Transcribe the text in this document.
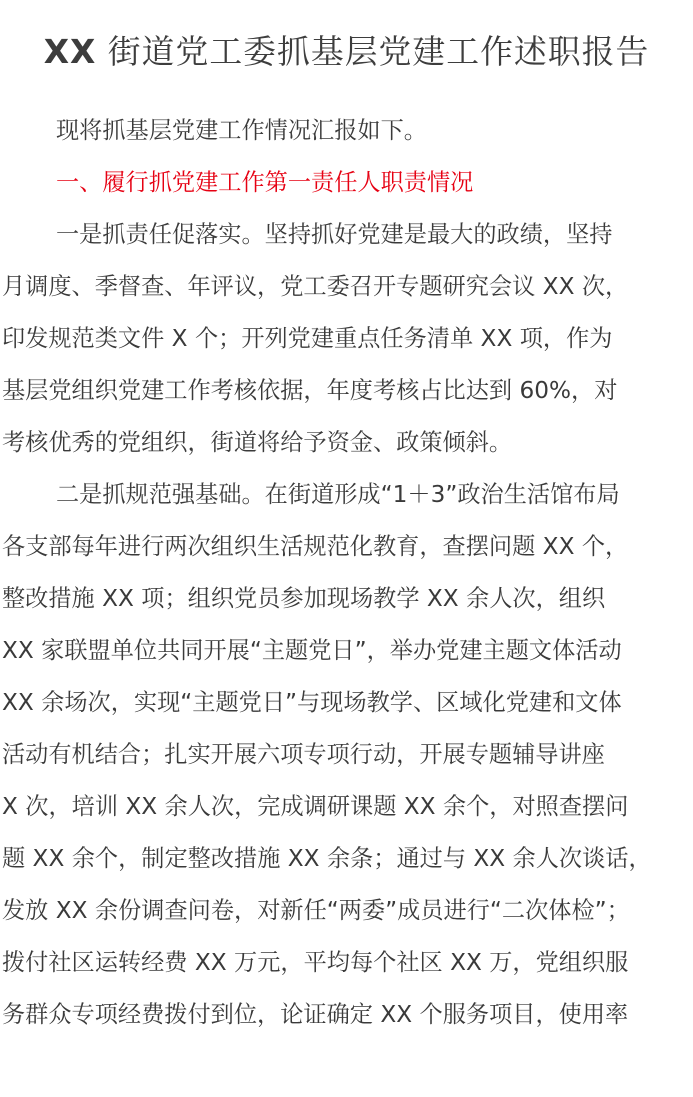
XX 街道党工委抓基层党建工作述职报告
现将抓基层党建工作情况汇报如下。
一、履行抓党建工作第一责任人职责情况
一是抓责任促落实。坚持抓好党建是最大的政绩，坚持
月调度、季督查、年评议，党工委召开专题研究会议 XX 次，
印发规范类文件 X 个；开列党建重点任务清单 XX 项，作为
基层党组织党建工作考核依据，年度考核占比达到 60%，对
考核优秀的党组织，街道将给予资金、政策倾斜。
二是抓规范强基础。在街道形成“1＋3”政治生活馆布局
各支部每年进行两次组织生活规范化教育，查摆问题 XX 个，
整改措施 XX 项；组织党员参加现场教学 XX 余人次，组织
XX 家联盟单位共同开展“主题党日”，举办党建主题文体活动
XX 余场次，实现“主题党日”与现场教学、区域化党建和文体
活动有机结合；扎实开展六项专项行动，开展专题辅导讲座
X 次，培训 XX 余人次，完成调研课题 XX 余个，对照查摆问
题 XX 余个，制定整改措施 XX 余条；通过与 XX 余人次谈话，
发放 XX 余份调查问卷，对新任“两委”成员进行“二次体检”；
拨付社区运转经费 XX 万元，平均每个社区 XX 万，党组织服
务群众专项经费拨付到位，论证确定 XX 个服务项目，使用率
